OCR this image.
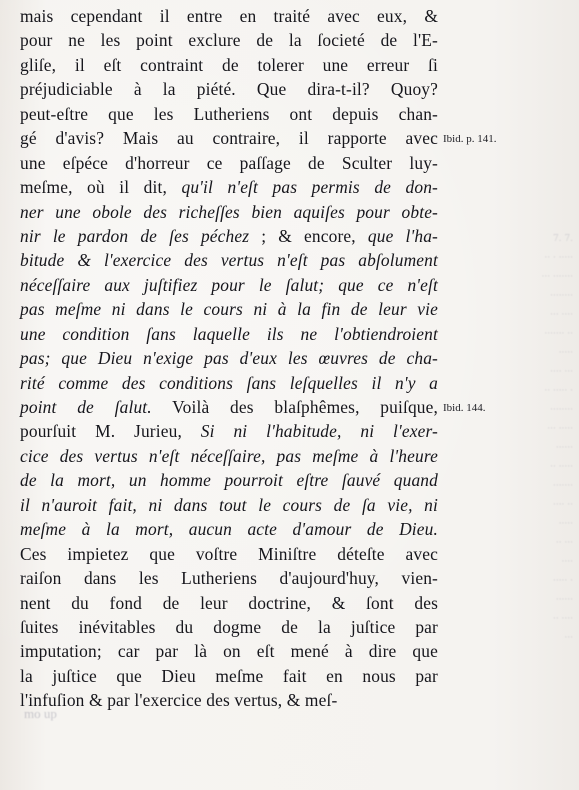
7. 7.
·· · ·····
··· ·······
········
··· ····
······· ··
·····
···· ···
·· ····· ·
········
··· ·····
······
·· ·····
·······
···· ··
·····
·· ···
····
····· ·
······
·· ····
···
mais cependant il entre en traité avec eux, &
pour ne les point exclure de la ſocieté de l'E-
gliſe, il eſt contraint de tolerer une erreur ſi
préjudiciable à la piété. Que dira-t-il? Quoy?
peut-eſtre que les Lutheriens ont depuis chan-
gé d'avis? Mais au contraire, il rapporte avec
une eſpéce d'horreur ce paſſage de Sculter luy-
meſme, où il dit, qu'il n'eſt pas permis de don-
ner une obole des richeſſes bien aquiſes pour obte-
nir le pardon de ſes péchez ; & encore, que l'ha-
bitude & l'exercice des vertus n'eſt pas abſolument
néceſſaire aux juſtifiez pour le ſalut; que ce n'eſt
pas meſme ni dans le cours ni à la fin de leur vie
une condition ſans laquelle ils ne l'obtiendroient
pas; que Dieu n'exige pas d'eux les œuvres de cha-
rité comme des conditions ſans leſquelles il n'y a
point de ſalut. Voilà des blaſphêmes, puiſque,
pourſuit M. Jurieu, Si ni l'habitude, ni l'exer-
cice des vertus n'eſt néceſſaire, pas meſme à l'heure
de la mort, un homme pourroit eſtre ſauvé quand
il n'auroit fait, ni dans tout le cours de ſa vie, ni
meſme à la mort, aucun acte d'amour de Dieu.
Ces impietez que voſtre Miniſtre déteſte avec
raiſon dans les Lutheriens d'aujourd'huy, vien-
nent du fond de leur doctrine, & ſont des
ſuites inévitables du dogme de la juſtice par
imputation; car par là on eſt mené à dire que
la juſtice que Dieu meſme fait en nous par
l'infuſion & par l'exercice des vertus, & meſ-
Ibid. p. 141.
Ibid. 144.
mo up
